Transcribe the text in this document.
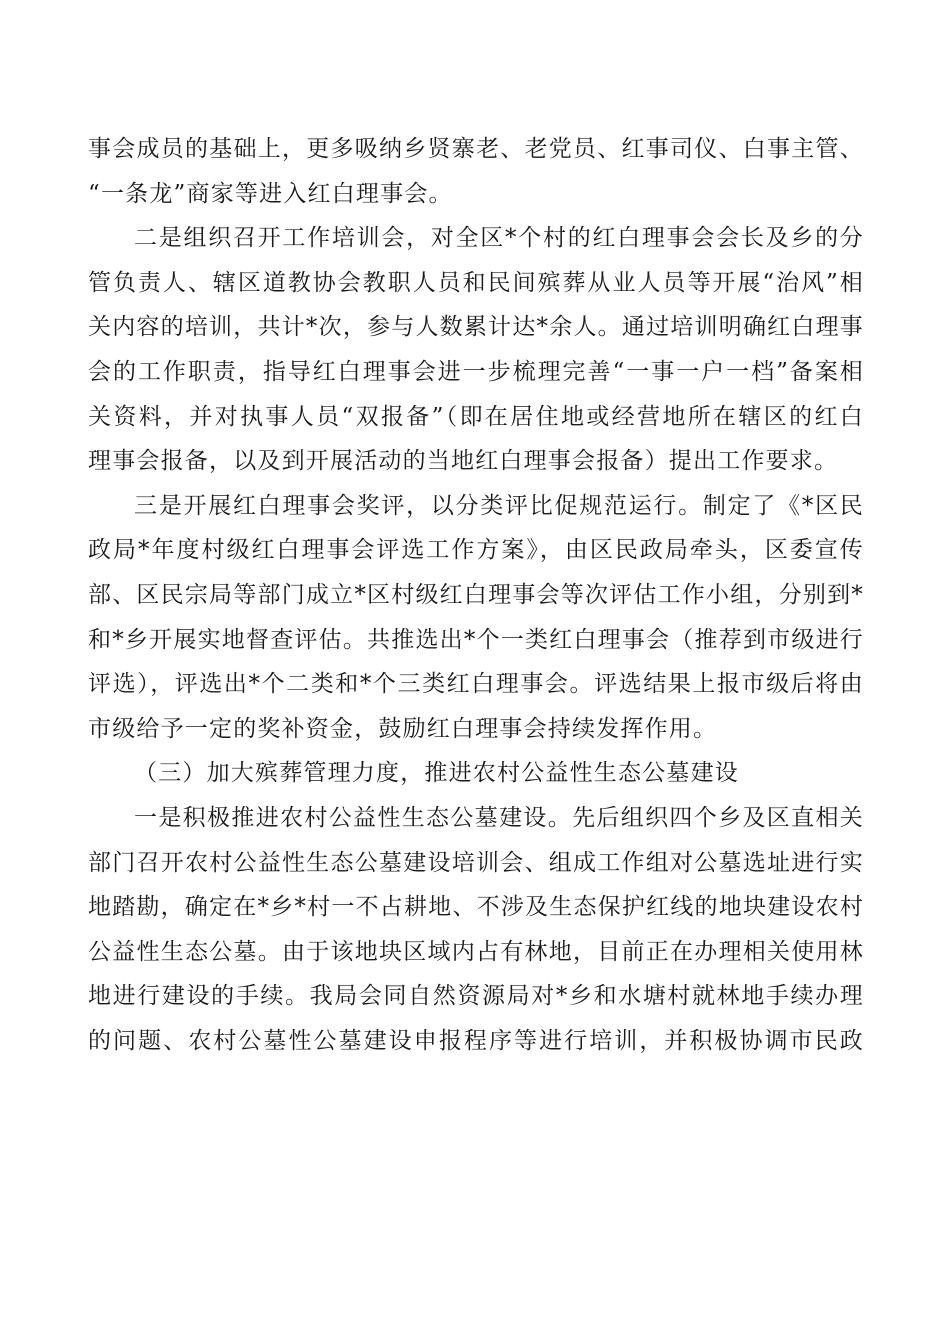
事会成员的基础上，更多吸纳乡贤寨老、老党员、红事司仪、白事主管、
“一条龙”商家等进入红白理事会。
二是组织召开工作培训会，对全区*个村的红白理事会会长及乡的分
管负责人、辖区道教协会教职人员和民间殡葬从业人员等开展“治风”相
关内容的培训，共计*次，参与人数累计达*余人。通过培训明确红白理事
会的工作职责，指导红白理事会进一步梳理完善“一事一户一档”备案相
关资料，并对执事人员“双报备”（即在居住地或经营地所在辖区的红白
理事会报备，以及到开展活动的当地红白理事会报备）提出工作要求。
三是开展红白理事会奖评，以分类评比促规范运行。制定了《*区民
政局*年度村级红白理事会评选工作方案》，由区民政局牵头，区委宣传
部、区民宗局等部门成立*区村级红白理事会等次评估工作小组，分别到*
和*乡开展实地督查评估。共推选出*个一类红白理事会（推荐到市级进行
评选），评选出*个二类和*个三类红白理事会。评选结果上报市级后将由
市级给予一定的奖补资金，鼓励红白理事会持续发挥作用。
（三）加大殡葬管理力度，推进农村公益性生态公墓建设
一是积极推进农村公益性生态公墓建设。先后组织四个乡及区直相关
部门召开农村公益性生态公墓建设培训会、组成工作组对公墓选址进行实
地踏勘，确定在*乡*村一不占耕地、不涉及生态保护红线的地块建设农村
公益性生态公墓。由于该地块区域内占有林地，目前正在办理相关使用林
地进行建设的手续。我局会同自然资源局对*乡和水塘村就林地手续办理
的问题、农村公墓性公墓建设申报程序等进行培训，并积极协调市民政
